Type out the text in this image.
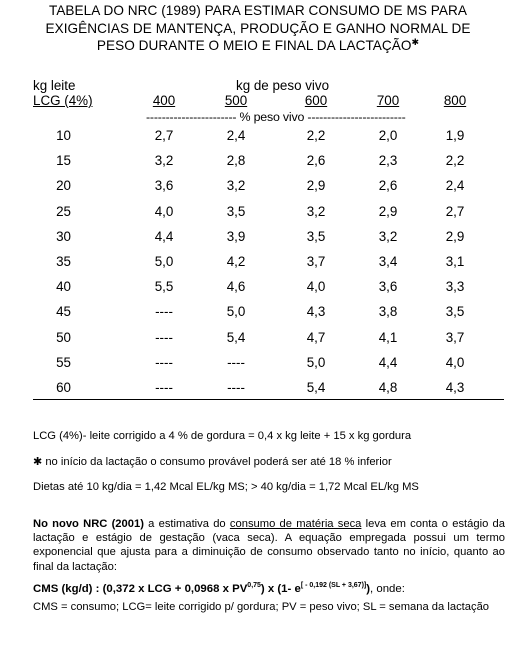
TABELA DO NRC (1989) PARA ESTIMAR CONSUMO DE MS PARA
EXIGÊNCIAS DE MANTENÇA, PRODUÇÃO E GANHO NORMAL DE
PESO DURANTE O MEIO E FINAL DA LACTAÇÃO✱
kg leite
LCG (4%)
kg de peso vivo
----------------------- % peso vivo -------------------------
400	500	600	700	800
10	2,7	2,4	2,2	2,0	1,9
15	3,2	2,8	2,6	2,3	2,2
20	3,6	3,2	2,9	2,6	2,4
25	4,0	3,5	3,2	2,9	2,7
30	4,4	3,9	3,5	3,2	2,9
35	5,0	4,2	3,7	3,4	3,1
40	5,5	4,6	4,0	3,6	3,3
45	----	5,0	4,3	3,8	3,5
50	----	5,4	4,7	4,1	3,7
55	----	----	5,0	4,4	4,0
60	----	----	5,4	4,8	4,3
LCG (4%)- leite corrigido a 4 % de gordura = 0,4 x kg leite + 15 x kg gordura
✱ no início da lactação o consumo provável poderá ser até 18 % inferior
Dietas até 10 kg/dia = 1,42 Mcal EL/kg MS; > 40 kg/dia = 1,72 Mcal EL/kg MS
No novo NRC (2001) a estimativa do consumo de matéria seca leva em conta o estágio da lactação e estágio de gestação (vaca seca). A equação empregada possui um termo exponencial que ajusta para a diminuição de consumo observado tanto no início, quanto ao final da lactação:
CMS (kg/d) : (0,372 x LCG + 0,0968 x PV$^{0,75}$) x (1- e[ - 0,192 (SL + 3,67)]), onde:
CMS = consumo; LCG= leite corrigido p/ gordura; PV = peso vivo; SL = semana da lactação
